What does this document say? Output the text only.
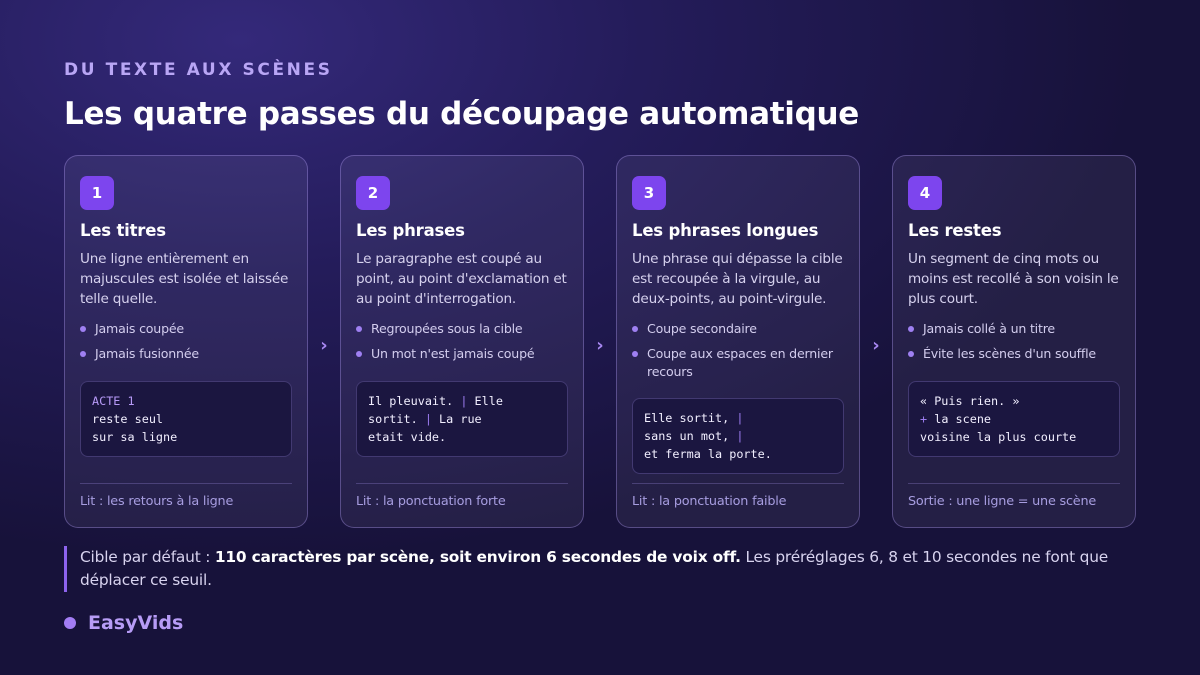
DU TEXTE AUX SCÈNES
Les quatre passes du découpage automatique
1
Les titres

Une ligne entièrement en majuscules est isolée et laissée telle quelle.

Jamais coupée
Jamais fusionnée
ACTE 1
reste seul
sur sa ligne
Lit : les retours à la ligne
2
Les phrases

Le paragraphe est coupé au point, au point d'exclamation et au point d'interrogation.

Regroupées sous la cible
Un mot n'est jamais coupé
Il pleuvait. | Elle
sortit. | La rue
etait vide.
Lit : la ponctuation forte
3
Les phrases longues

Une phrase qui dépasse la cible est recoupée à la virgule, au deux-points, au point-virgule.

Coupe secondaire
Coupe aux espaces en dernier recours
Elle sortit, |
sans un mot, |
et ferma la porte.
Lit : la ponctuation faible
4
Les restes

Un segment de cinq mots ou moins est recollé à son voisin le plus court.

Jamais collé à un titre
Évite les scènes d'un souffle
« Puis rien. »
+ la scene
voisine la plus courte
Sortie : une ligne = une scène
›	›	›

Cible par défaut : 110 caractères par scène, soit environ 6 secondes de voix off. Les préréglages 6, 8 et 10 secondes ne font que déplacer ce seuil.

EasyVids
